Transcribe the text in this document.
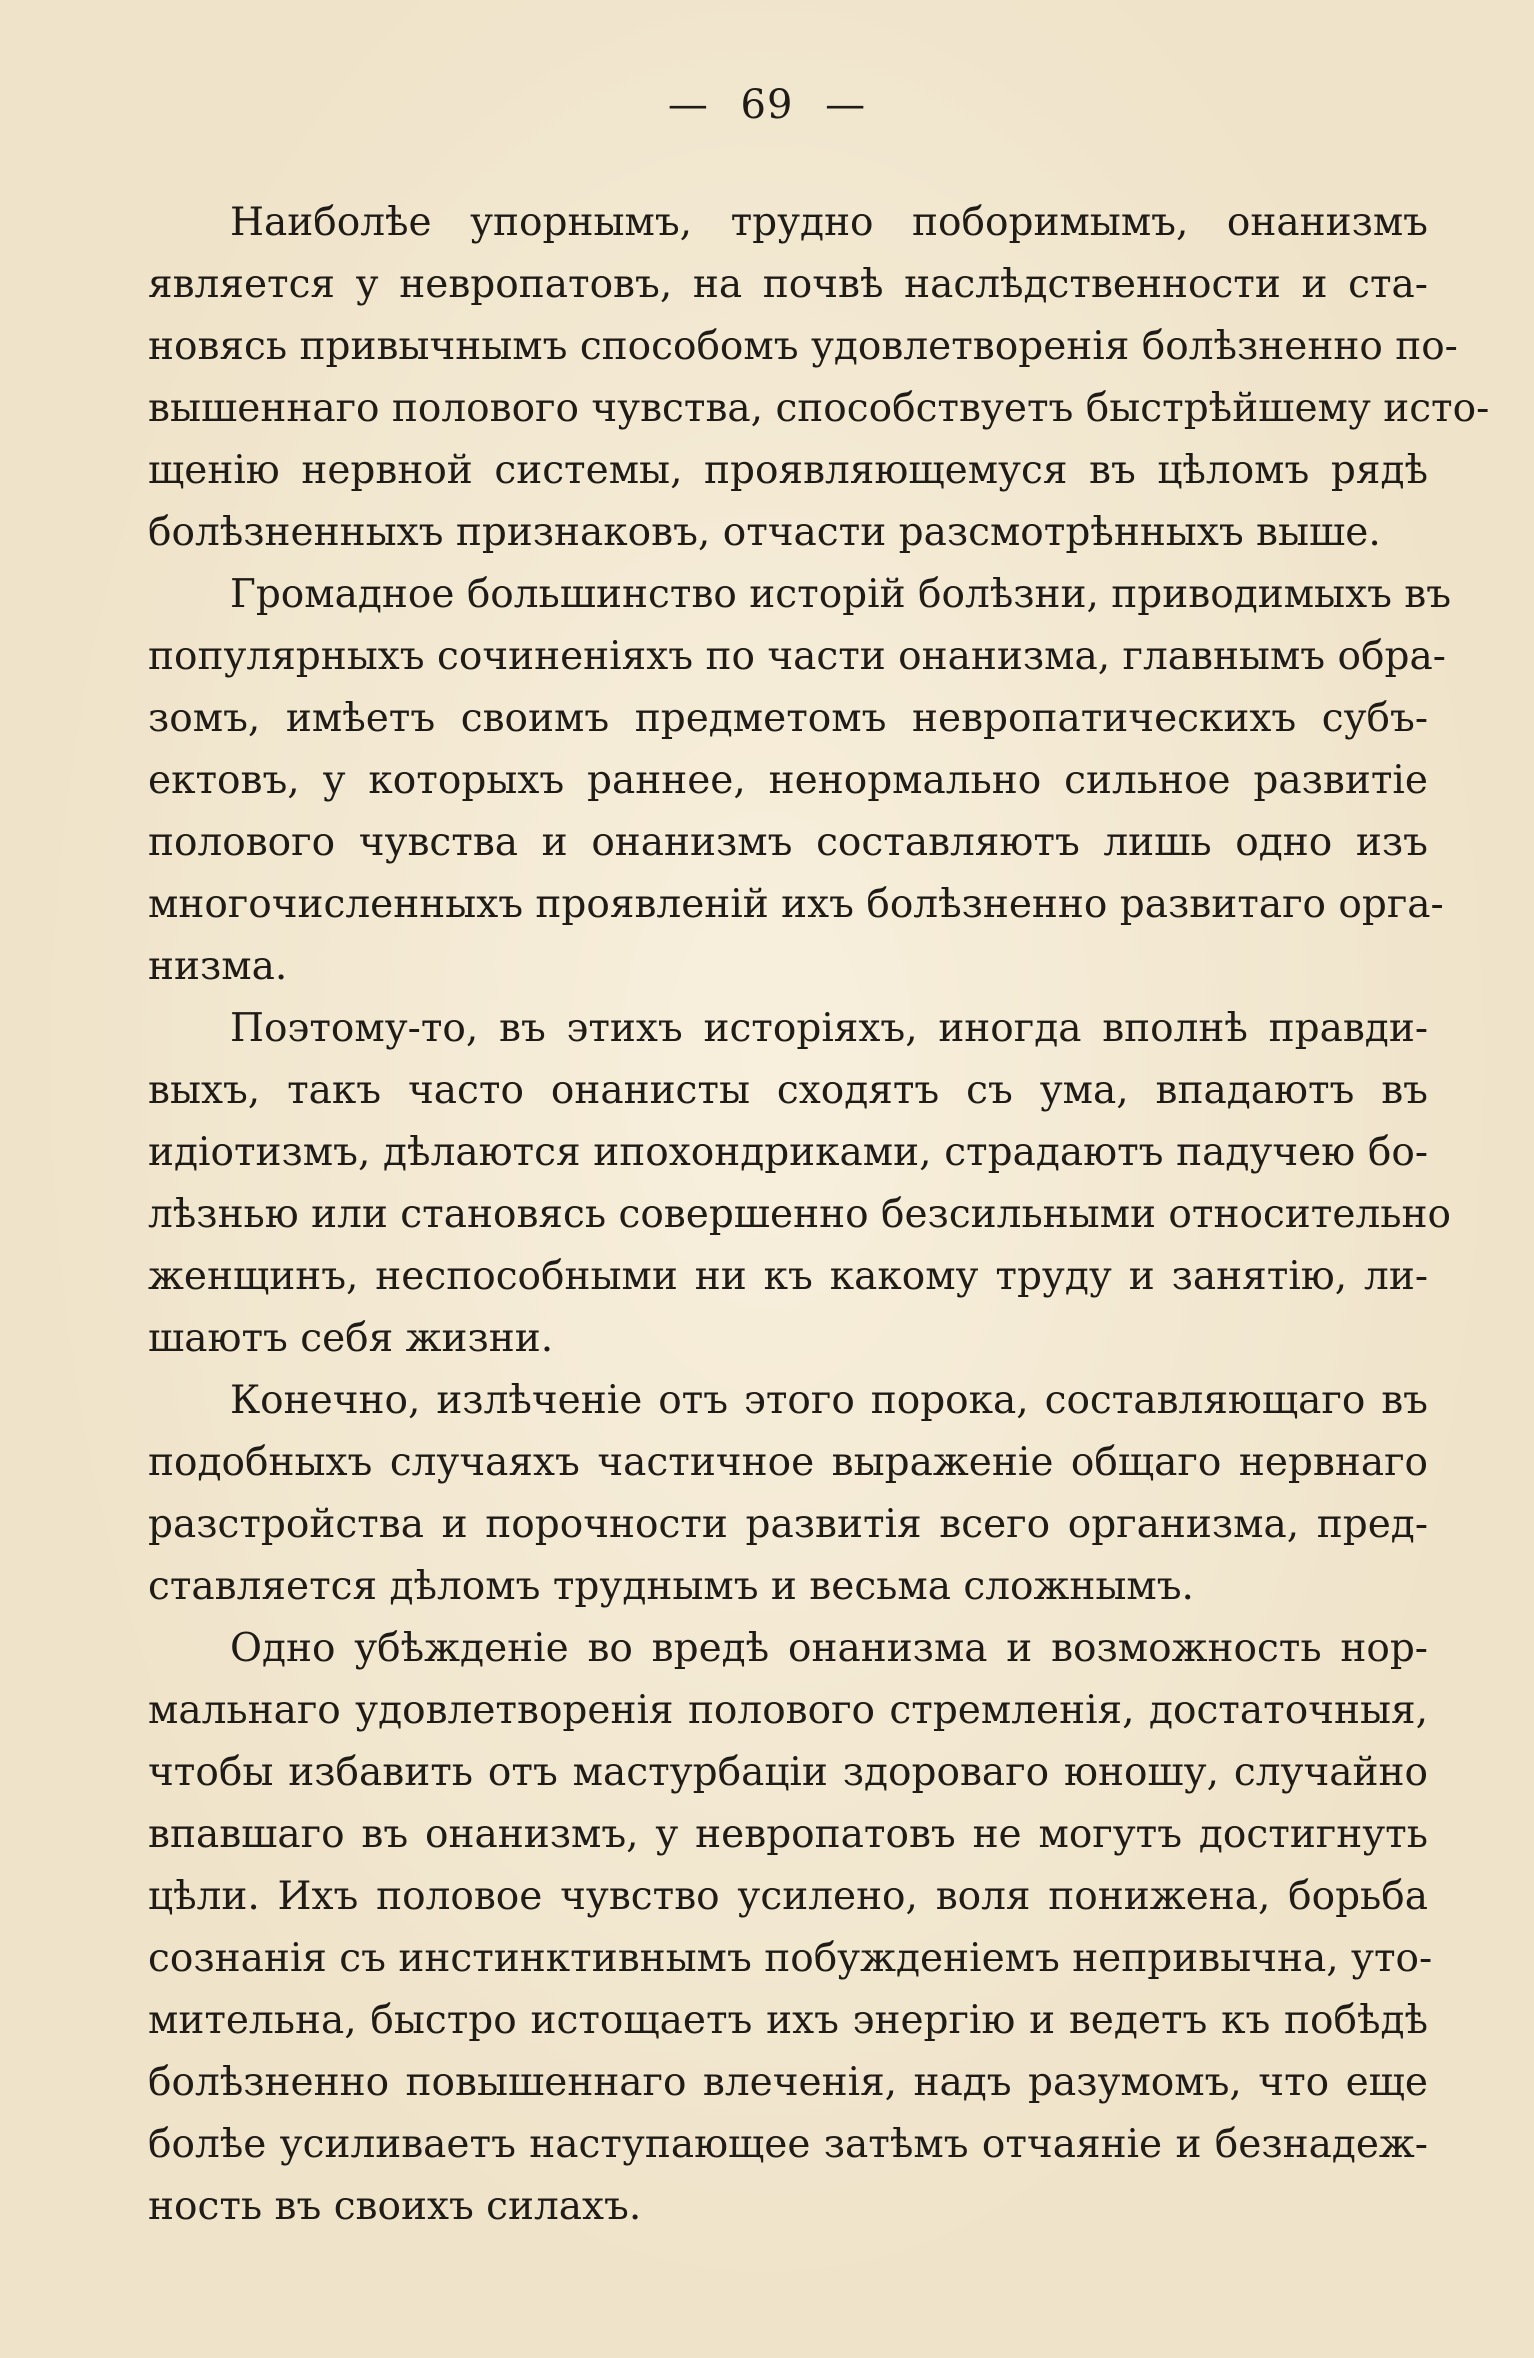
— 69 —

Наиболѣе упорнымъ, трудно поборимымъ, онанизмъ
является у невропатовъ, на почвѣ наслѣдственности и ста-
новясь привычнымъ способомъ удовлетворенія болѣзненно по-
вышеннаго полового чувства, способствуетъ быстрѣйшему исто-
щенію нервной системы, проявляющемуся въ цѣломъ рядѣ
болѣзненныхъ признаковъ, отчасти разсмотрѣнныхъ выше.

Громадное большинство исторій болѣзни, приводимыхъ въ
популярныхъ сочиненіяхъ по части онанизма, главнымъ обра-
зомъ, имѣетъ своимъ предметомъ невропатическихъ субъ-
ектовъ, у которыхъ раннее, ненормально сильное развитіе
полового чувства и онанизмъ составляютъ лишь одно изъ
многочисленныхъ проявленій ихъ болѣзненно развитаго орга-
низма.

Поэтому-то, въ этихъ исторіяхъ, иногда вполнѣ правди-
выхъ, такъ часто онанисты сходятъ съ ума, впадаютъ въ
идіотизмъ, дѣлаются ипохондриками, страдаютъ падучею бо-
лѣзнью или становясь совершенно безсильными относительно
женщинъ, неспособными ни къ какому труду и занятію, ли-
шаютъ себя жизни.

Конечно, излѣченіе отъ этого порока, составляющаго въ
подобныхъ случаяхъ частичное выраженіе общаго нервнаго
разстройства и порочности развитія всего организма, пред-
ставляется дѣломъ труднымъ и весьма сложнымъ.

Одно убѣжденіе во вредѣ онанизма и возможность нор-
мальнаго удовлетворенія полового стремленія, достаточныя,
чтобы избавить отъ мастурбаціи здороваго юношу, случайно
впавшаго въ онанизмъ, у невропатовъ не могутъ достигнуть
цѣли. Ихъ половое чувство усилено, воля понижена, борьба
сознанія съ инстинктивнымъ побужденіемъ непривычна, уто-
мительна, быстро истощаетъ ихъ энергію и ведетъ къ побѣдѣ
болѣзненно повышеннаго влеченія, надъ разумомъ, что еще
болѣе усиливаетъ наступающее затѣмъ отчаяніе и безнадеж-
ность въ своихъ силахъ.
